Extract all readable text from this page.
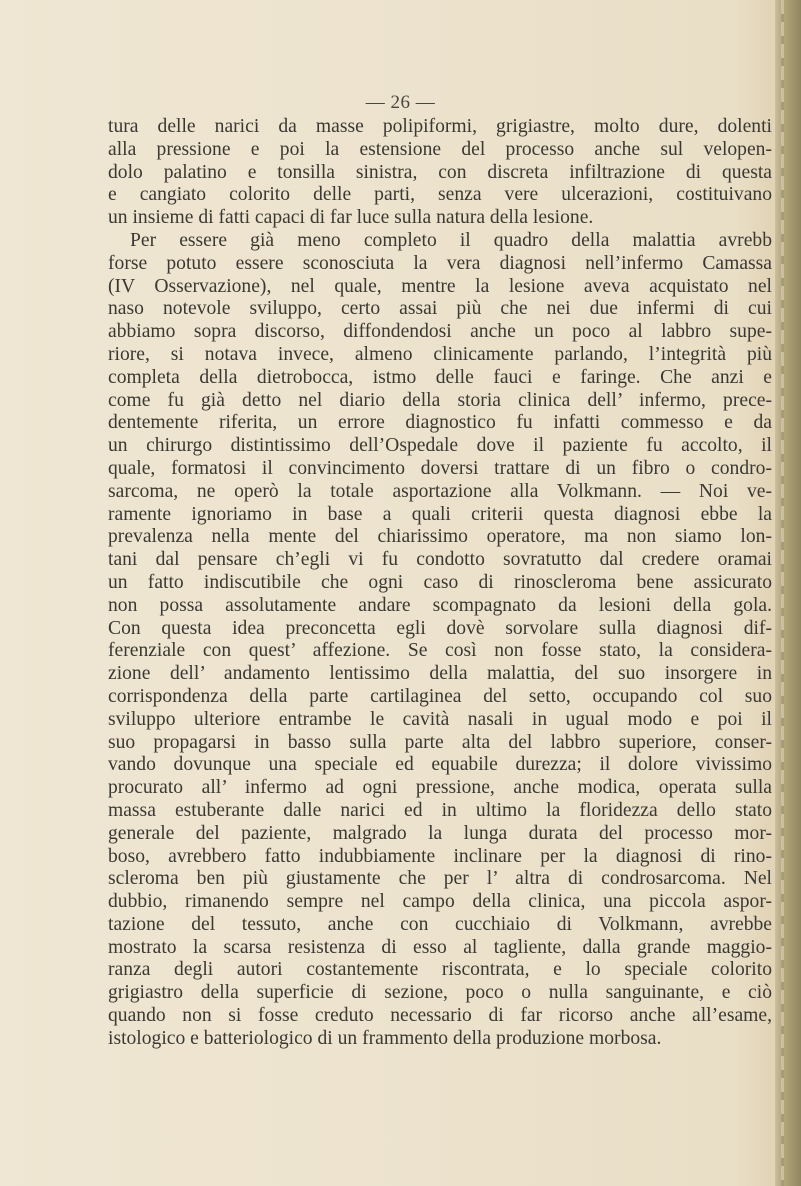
— 26 —
tura delle narici da masse polipiformi, grigiastre, molto dure, dolenti
alla pressione e poi la estensione del processo anche sul velopen-
dolo palatino e tonsilla sinistra, con discreta infiltrazione di questa
e cangiato colorito delle parti, senza vere ulcerazioni, costituivano
un insieme di fatti capaci di far luce sulla natura della lesione.
Per essere già meno completo il quadro della malattia avrebb
forse potuto essere sconosciuta la vera diagnosi nell’infermo Camassa
(IV Osservazione), nel quale, mentre la lesione aveva acquistato nel
naso notevole sviluppo, certo assai più che nei due infermi di cui
abbiamo sopra discorso, diffondendosi anche un poco al labbro supe-
riore, si notava invece, almeno clinicamente parlando, l’integrità più
completa della dietrobocca, istmo delle fauci e faringe. Che anzi e
come fu già detto nel diario della storia clinica dell’ infermo, prece-
dentemente riferita, un errore diagnostico fu infatti commesso e da
un chirurgo distintissimo dell’Ospedale dove il paziente fu accolto, il
quale, formatosi il convincimento doversi trattare di un fibro o condro-
sarcoma, ne operò la totale asportazione alla Volkmann. — Noi ve-
ramente ignoriamo in base a quali criterii questa diagnosi ebbe la
prevalenza nella mente del chiarissimo operatore, ma non siamo lon-
tani dal pensare ch’egli vi fu condotto sovratutto dal credere oramai
un fatto indiscutibile che ogni caso di rinoscleroma bene assicurato
non possa assolutamente andare scompagnato da lesioni della gola.
Con questa idea preconcetta egli dovè sorvolare sulla diagnosi dif-
ferenziale con quest’ affezione. Se così non fosse stato, la considera-
zione dell’ andamento lentissimo della malattia, del suo insorgere in
corrispondenza della parte cartilaginea del setto, occupando col suo
sviluppo ulteriore entrambe le cavità nasali in ugual modo e poi il
suo propagarsi in basso sulla parte alta del labbro superiore, conser-
vando dovunque una speciale ed equabile durezza; il dolore vivissimo
procurato all’ infermo ad ogni pressione, anche modica, operata sulla
massa estuberante dalle narici ed in ultimo la floridezza dello stato
generale del paziente, malgrado la lunga durata del processo mor-
boso, avrebbero fatto indubbiamente inclinare per la diagnosi di rino-
scleroma ben più giustamente che per l’ altra di condrosarcoma. Nel
dubbio, rimanendo sempre nel campo della clinica, una piccola aspor-
tazione del tessuto, anche con cucchiaio di Volkmann, avrebbe
mostrato la scarsa resistenza di esso al tagliente, dalla grande maggio-
ranza degli autori costantemente riscontrata, e lo speciale colorito
grigiastro della superficie di sezione, poco o nulla sanguinante, e ciò
quando non si fosse creduto necessario di far ricorso anche all’esame,
istologico e batteriologico di un frammento della produzione morbosa.
